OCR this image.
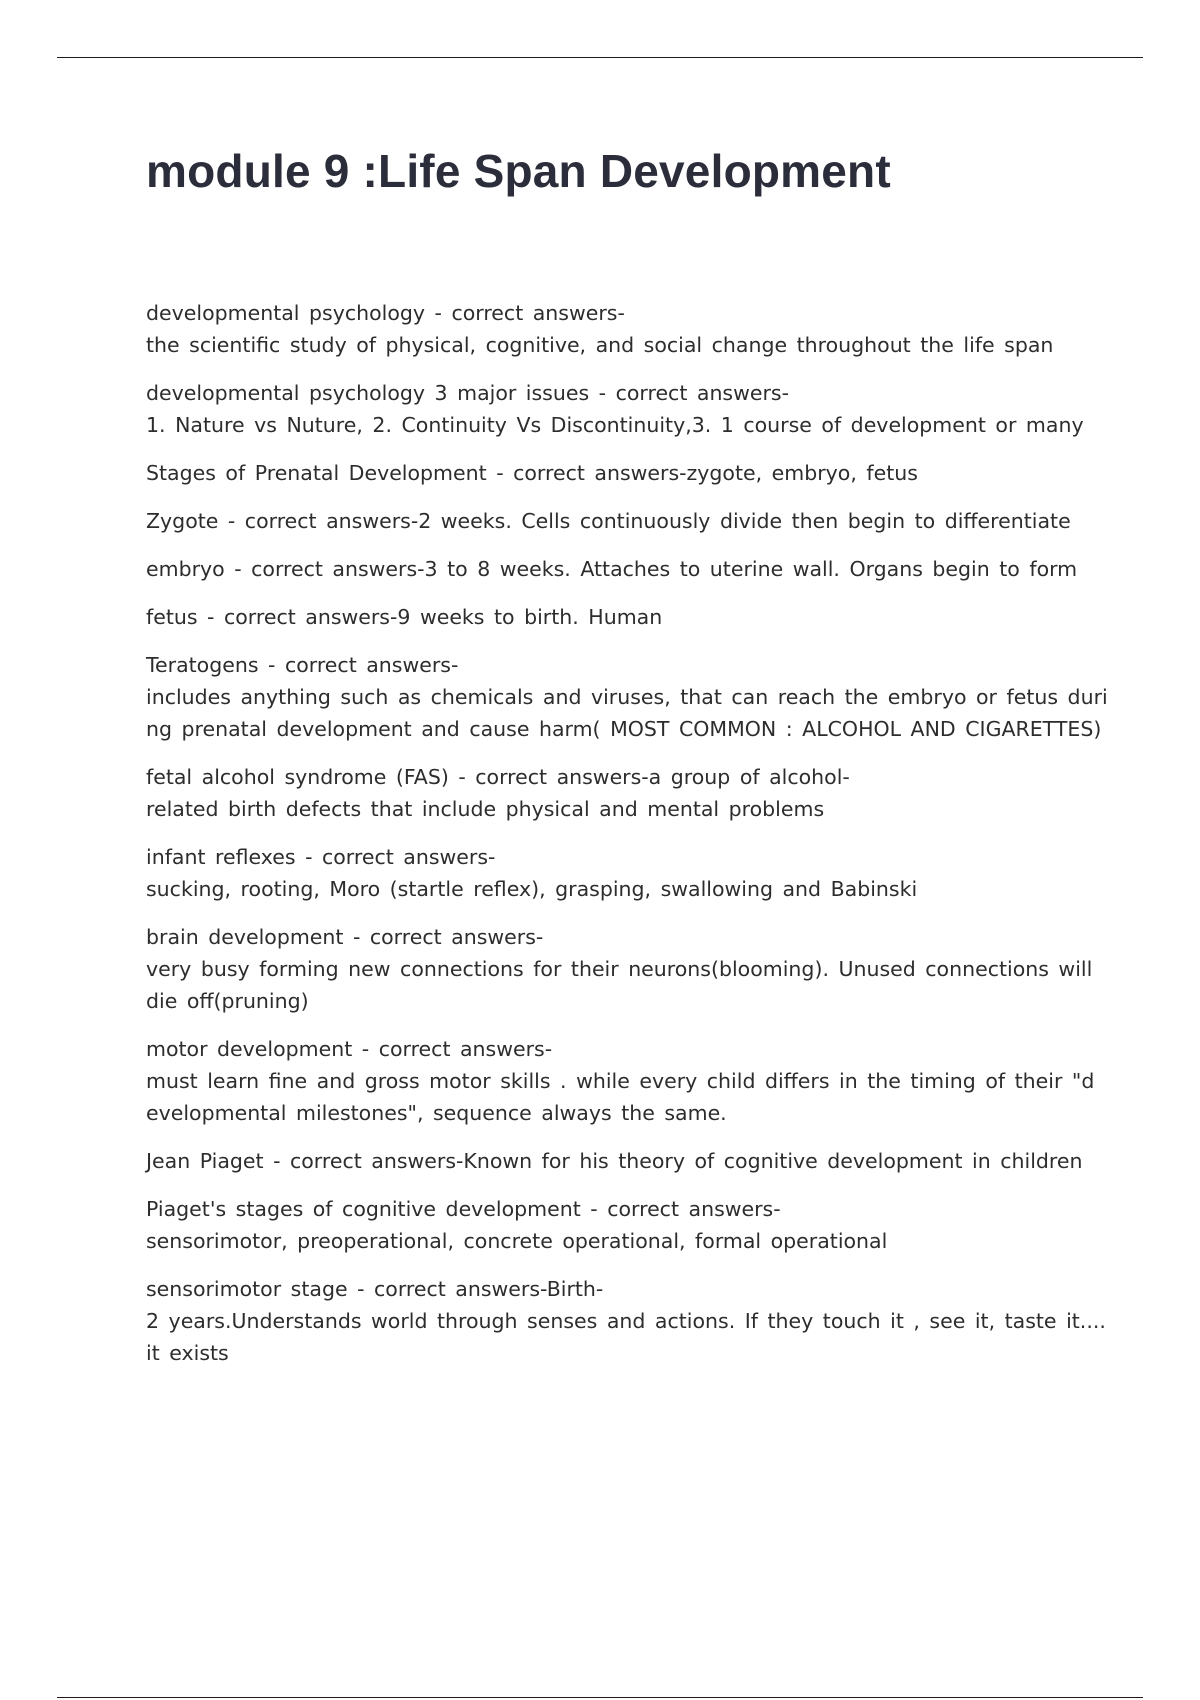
module 9 :Life Span Development

developmental psychology - correct answers-
the scientific study of physical, cognitive, and social change throughout the life span

developmental psychology 3 major issues - correct answers-
1. Nature vs Nuture, 2. Continuity Vs Discontinuity,3. 1 course of development or many

Stages of Prenatal Development - correct answers-zygote, embryo, fetus

Zygote - correct answers-2 weeks. Cells continuously divide then begin to differentiate

embryo - correct answers-3 to 8 weeks. Attaches to uterine wall. Organs begin to form

fetus - correct answers-9 weeks to birth. Human

Teratogens - correct answers-
includes anything such as chemicals and viruses, that can reach the embryo or fetus duri
ng prenatal development and cause harm( MOST COMMON : ALCOHOL AND CIGARETTES)

fetal alcohol syndrome (FAS) - correct answers-a group of alcohol-
related birth defects that include physical and mental problems

infant reflexes - correct answers-
sucking, rooting, Moro (startle reflex), grasping, swallowing and Babinski

brain development - correct answers-
very busy forming new connections for their neurons(blooming). Unused connections will
die off(pruning)

motor development - correct answers-
must learn fine and gross motor skills . while every child differs in the timing of their "d
evelopmental milestones", sequence always the same.

Jean Piaget - correct answers-Known for his theory of cognitive development in children

Piaget's stages of cognitive development - correct answers-
sensorimotor, preoperational, concrete operational, formal operational

sensorimotor stage - correct answers-Birth-
2 years.Understands world through senses and actions. If they touch it , see it, taste it....
it exists
